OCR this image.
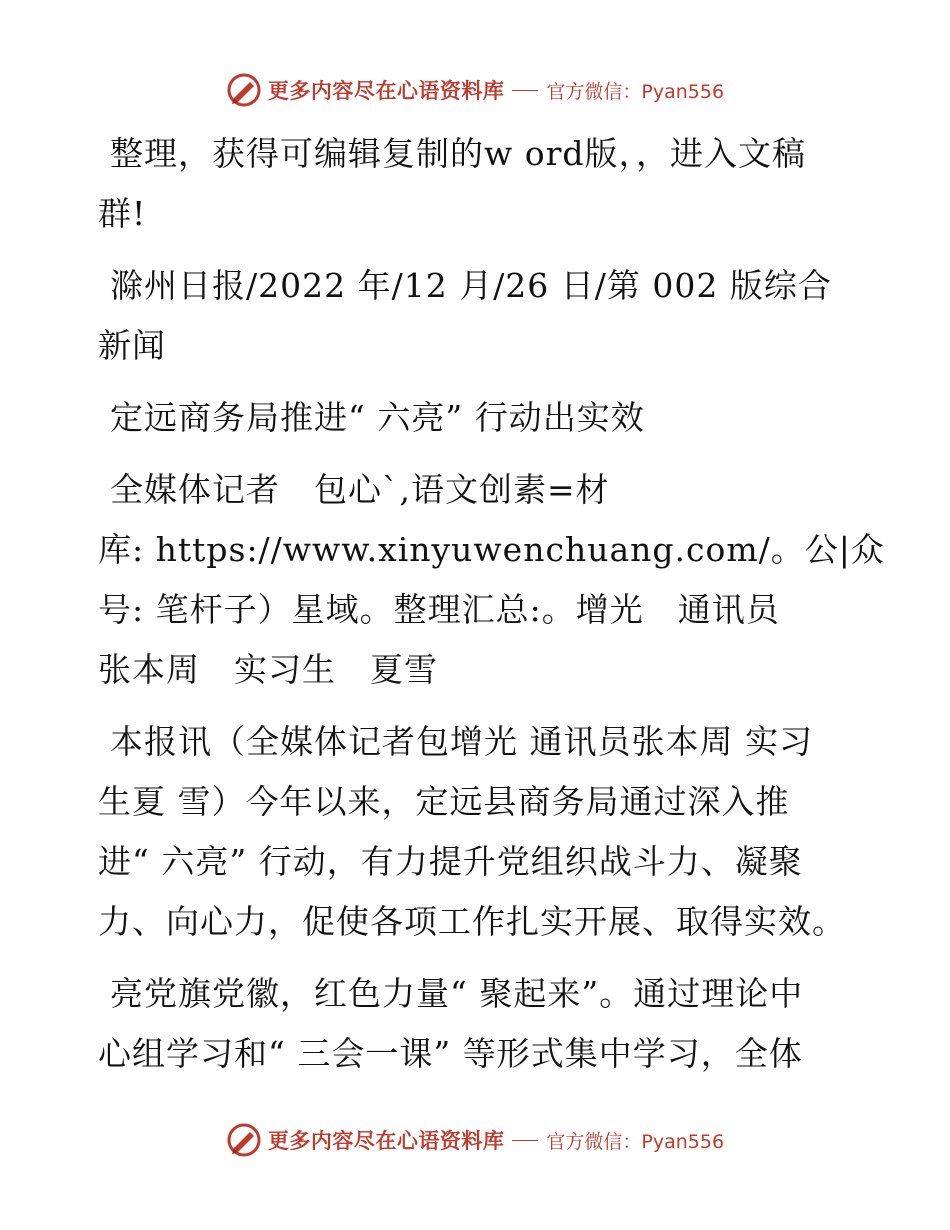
更多内容尽在心语资料库 官方微信：Pyan556

整理，获得可编辑复制的w ord版，，进入文稿
群!

滁州日报/2022 年/12 月/26 日/第 002 版综合
新闻

定远商务局推进“ 六亮” 行动出实效

全媒体记者　包心`,语文创素=材
库: https://www.xinyuwenchuang.com/。公|众
号: 笔杆子）星域。整理汇总:。增光　通讯员
张本周　实习生　夏雪

本报讯（全媒体记者包增光 通讯员张本周 实习
生夏 雪）今年以来，定远县商务局通过深入推
进“ 六亮” 行动，有力提升党组织战斗力、凝聚
力、向心力，促使各项工作扎实开展、取得实效。

亮党旗党徽，红色力量“ 聚起来”。通过理论中
心组学习和“ 三会一课” 等形式集中学习，全体

更多内容尽在心语资料库 官方微信：Pyan556
